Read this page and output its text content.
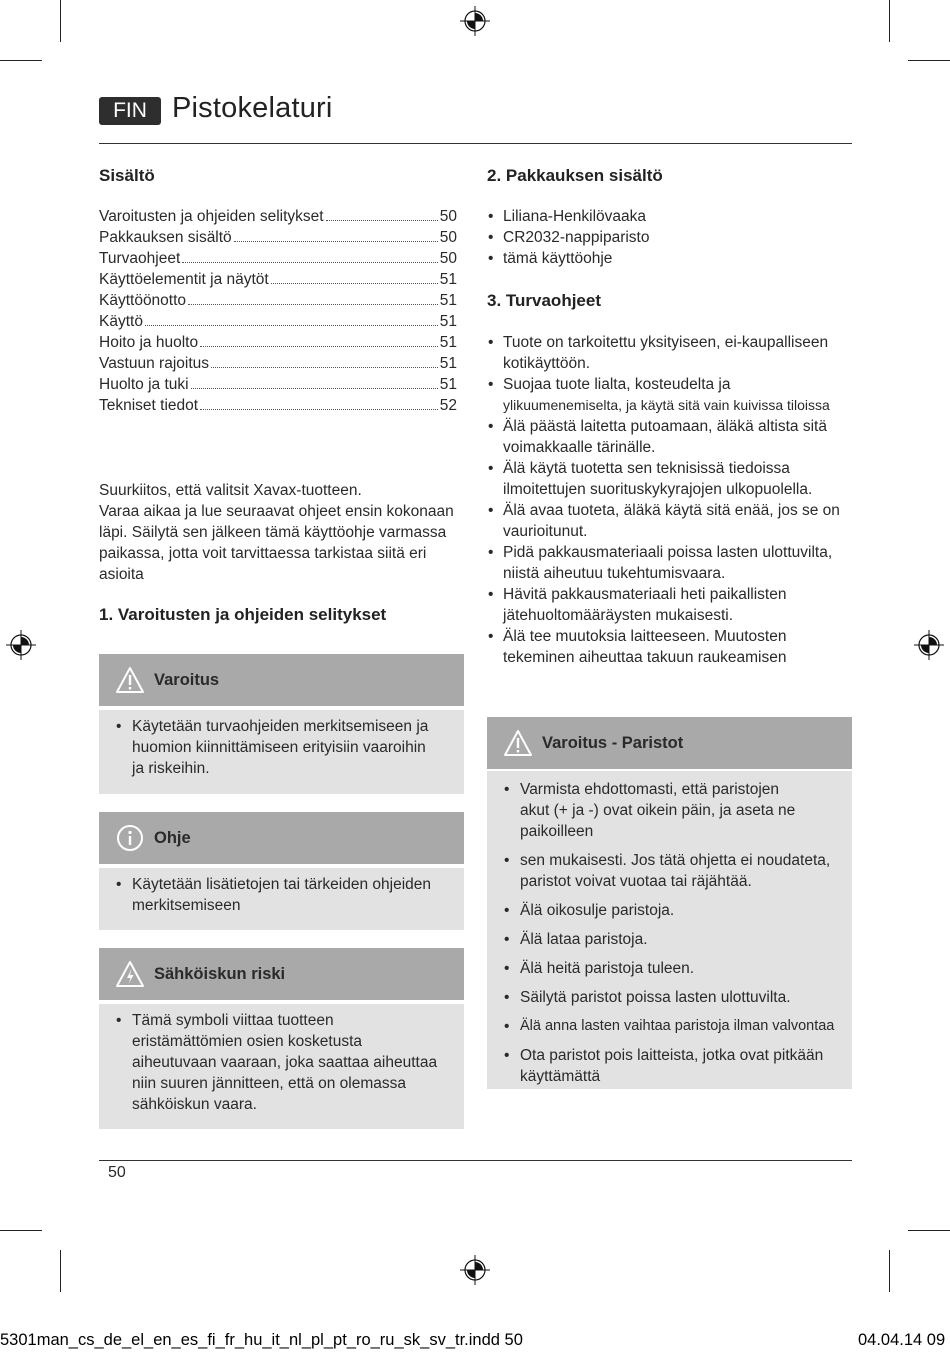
FIN Pistokelaturi
Sisältö
Varoitusten ja ohjeiden selitykset	50
Pakkauksen sisältö	50
Turvaohjeet	50
Käyttöelementit ja näytöt	51
Käyttöönotto	51
Käyttö	51
Hoito ja huolto	51
Vastuun rajoitus	51
Huolto ja tuki	51
Tekniset tiedot	52
Suurkiitos, että valitsit Xavax-tuotteen.
Varaa aikaa ja lue seuraavat ohjeet ensin kokonaan
läpi. Säilytä sen jälkeen tämä käyttöohje varmassa
paikassa, jotta voit tarvittaessa tarkistaa siitä eri
asioita
1. Varoitusten ja ohjeiden selitykset
Varoitus
• Käytetään turvaohjeiden merkitsemiseen ja
huomion kiinnittämiseen erityisiin vaaroihin
ja riskeihin.
Ohje
• Käytetään lisätietojen tai tärkeiden ohjeiden
merkitsemiseen
Sähköiskun riski
• Tämä symboli viittaa tuotteen
eristämättömien osien kosketusta
aiheutuvaan vaaraan, joka saattaa aiheuttaa
niin suuren jännitteen, että on olemassa
sähköiskun vaara.
2. Pakkauksen sisältö
• Liliana-Henkilövaaka
• CR2032-nappiparisto
• tämä käyttöohje
3. Turvaohjeet
• Tuote on tarkoitettu yksityiseen, ei-kaupalliseen
kotikäyttöön.
• Suojaa tuote lialta, kosteudelta ja
ylikuumenemiselta, ja käytä sitä vain kuivissa tiloissa
• Älä päästä laitetta putoamaan, äläkä altista sitä
voimakkaalle tärinälle.
• Älä käytä tuotetta sen teknisissä tiedoissa
ilmoitettujen suorituskykyrajojen ulkopuolella.
• Älä avaa tuoteta, äläkä käytä sitä enää, jos se on
vaurioitunut.
• Pidä pakkausmateriaali poissa lasten ulottuvilta,
niistä aiheutuu tukehtumisvaara.
• Hävitä pakkausmateriaali heti paikallisten
jätehuoltomääräysten mukaisesti.
• Älä tee muutoksia laitteeseen. Muutosten
tekeminen aiheuttaa takuun raukeamisen
Varoitus - Paristot
• Varmista ehdottomasti, että paristojen
akut (+ ja -) ovat oikein päin, ja aseta ne
paikoilleen
• sen mukaisesti. Jos tätä ohjetta ei noudateta,
paristot voivat vuotaa tai räjähtää.
• Älä oikosulje paristoja.
• Älä lataa paristoja.
• Älä heitä paristoja tuleen.
• Säilytä paristot poissa lasten ulottuvilta.
• Älä anna lasten vaihtaa paristoja ilman valvontaa
• Ota paristot pois laitteista, jotka ovat pitkään
käyttämättä
50
5301man_cs_de_el_en_es_fi_fr_hu_it_nl_pl_pt_ro_ru_sk_sv_tr.indd 50	04.04.14 09
